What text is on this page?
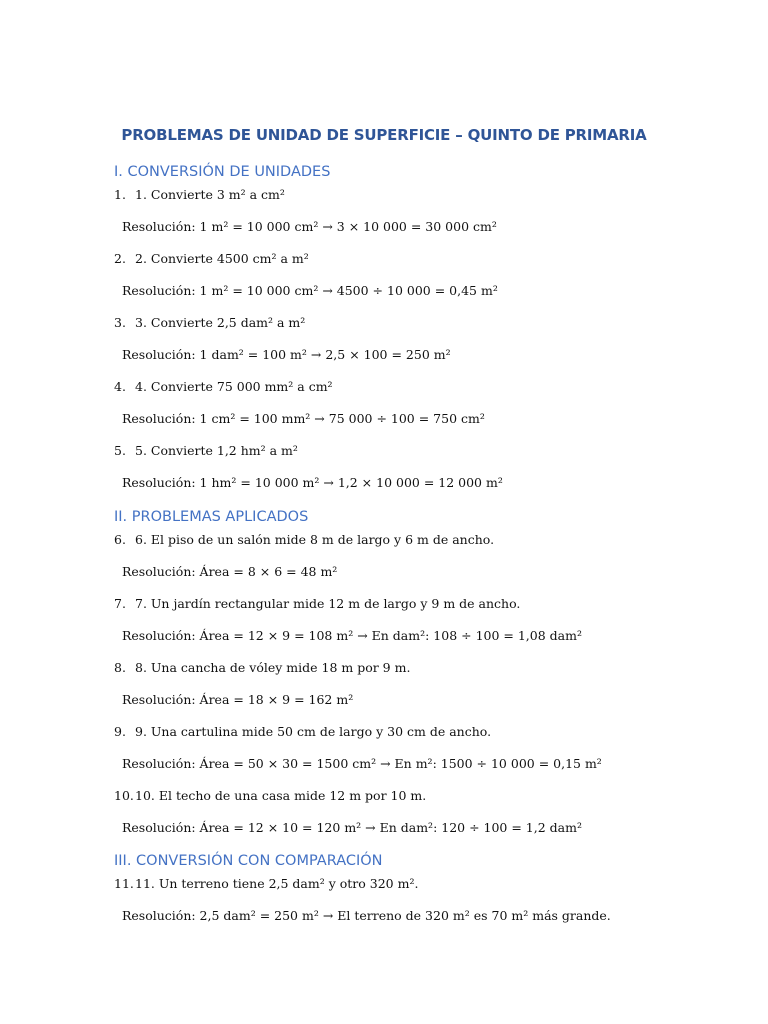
PROBLEMAS DE UNIDAD DE SUPERFICIE – QUINTO DE PRIMARIA
I. CONVERSIÓN DE UNIDADES
1. 1. Convierte 3 m² a cm²
Resolución: 1 m² = 10 000 cm² → 3 × 10 000 = 30 000 cm²
2. 2. Convierte 4500 cm² a m²
Resolución: 1 m² = 10 000 cm² → 4500 ÷ 10 000 = 0,45 m²
3. 3. Convierte 2,5 dam² a m²
Resolución: 1 dam² = 100 m² → 2,5 × 100 = 250 m²
4. 4. Convierte 75 000 mm² a cm²
Resolución: 1 cm² = 100 mm² → 75 000 ÷ 100 = 750 cm²
5. 5. Convierte 1,2 hm² a m²
Resolución: 1 hm² = 10 000 m² → 1,2 × 10 000 = 12 000 m²
II. PROBLEMAS APLICADOS
6. 6. El piso de un salón mide 8 m de largo y 6 m de ancho.
Resolución: Área = 8 × 6 = 48 m²
7. 7. Un jardín rectangular mide 12 m de largo y 9 m de ancho.
Resolución: Área = 12 × 9 = 108 m² → En dam²: 108 ÷ 100 = 1,08 dam²
8. 8. Una cancha de vóley mide 18 m por 9 m.
Resolución: Área = 18 × 9 = 162 m²
9. 9. Una cartulina mide 50 cm de largo y 30 cm de ancho.
Resolución: Área = 50 × 30 = 1500 cm² → En m²: 1500 ÷ 10 000 = 0,15 m²
10.10. El techo de una casa mide 12 m por 10 m.
Resolución: Área = 12 × 10 = 120 m² → En dam²: 120 ÷ 100 = 1,2 dam²
III. CONVERSIÓN CON COMPARACIÓN
11.11. Un terreno tiene 2,5 dam² y otro 320 m².
Resolución: 2,5 dam² = 250 m² → El terreno de 320 m² es 70 m² más grande.
